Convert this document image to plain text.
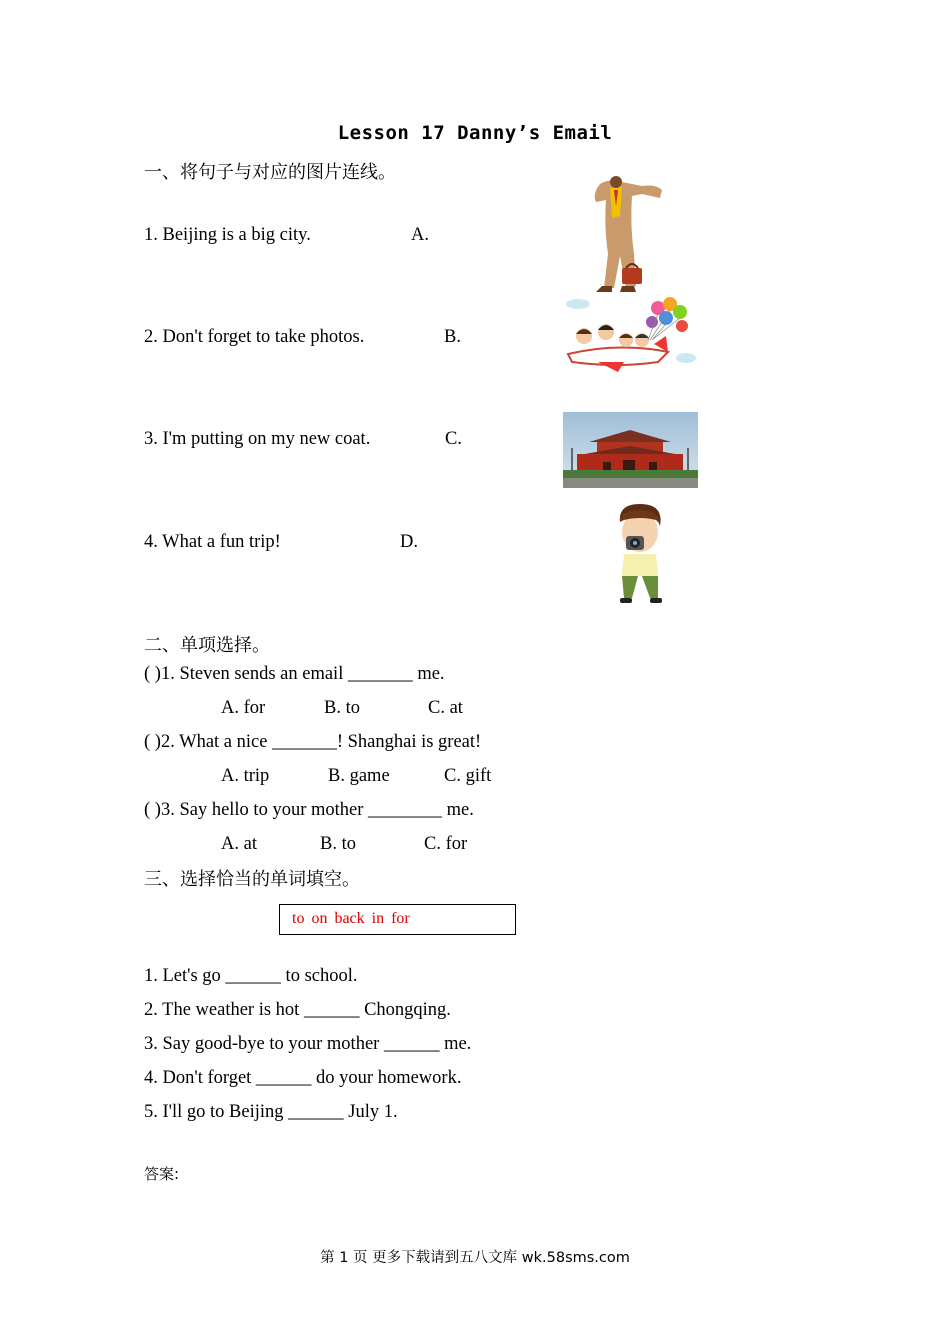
Lesson 17 Danny’s Email
一、将句子与对应的图片连线。
1. Beijing is a big city.	A.
2. Don't forget to take photos.	B.
3. I'm putting on my new coat.	C.
4. What a fun trip!	D.
二、单项选择。
( )1. Steven sends an email _______ me.
A. for	B. to	C. at
( )2. What a nice _______! Shanghai is great!
A. trip	B. game	C. gift
( )3. Say hello to your mother ________ me.
A. at	B. to	C. for
三、选择恰当的单词填空。
to on back in for
1. Let's go ______ to school.
2. The weather is hot ______ Chongqing.
3. Say good-bye to your mother ______ me.
4. Don't forget ______ do your homework.
5. I'll go to Beijing ______ July 1.
答案:
第 1 页 更多下载请到五八文库 wk.58sms.com
